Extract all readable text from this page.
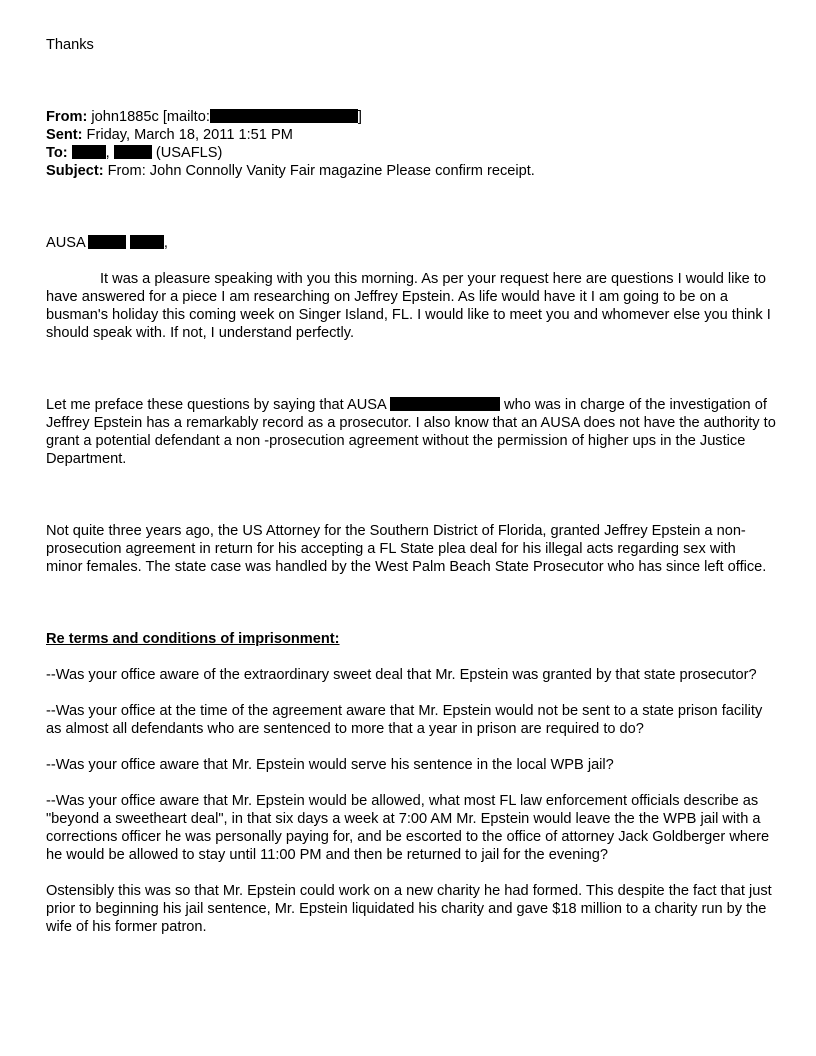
Thanks

From: john1885c [mailto:	]
Sent: Friday, March 18, 2011 1:51 PM
To:	,	(USAFLS)
Subject: From: John Connolly Vanity Fair magazine Please confirm receipt.

AUSA	,

It was a pleasure speaking with you this morning. As per your request here are questions I would like to have answered for a piece I am researching on Jeffrey Epstein. As life would have it I am going to be on a busman's holiday this coming week on Singer Island, FL. I would like to meet you and whomever else you think I should speak with. If not, I understand perfectly.

Let me preface these questions by saying that AUSA	who was in charge of the investigation of Jeffrey Epstein has a remarkably record as a prosecutor. I also know that an AUSA does not have the authority to grant a potential defendant a non -prosecution agreement without the permission of higher ups in the Justice Department.

Not quite three years ago, the US Attorney for the Southern District of Florida, granted Jeffrey Epstein a non-prosecution agreement in return for his accepting a FL State plea deal for his illegal acts regarding sex with minor females. The state case was handled by the West Palm Beach State Prosecutor who has since left office.

Re terms and conditions of imprisonment:

--Was your office aware of the extraordinary sweet deal that Mr. Epstein was granted by that state prosecutor?

--Was your office at the time of the agreement aware that Mr. Epstein would not be sent to a state prison facility as almost all defendants who are sentenced to more that a year in prison are required to do?

--Was your office aware that Mr. Epstein would serve his sentence in the local WPB jail?

--Was your office aware that Mr. Epstein would be allowed, what most FL law enforcement officials describe as "beyond a sweetheart deal", in that six days a week at 7:00 AM Mr. Epstein would leave the the WPB jail with a corrections officer he was personally paying for, and be escorted to the office of attorney Jack Goldberger where he would be allowed to stay until 11:00 PM and then be returned to jail for the evening?

Ostensibly this was so that Mr. Epstein could work on a new charity he had formed. This despite the fact that just prior to beginning his jail sentence, Mr. Epstein liquidated his charity and gave $18 million to a charity run by the wife of his former patron.
